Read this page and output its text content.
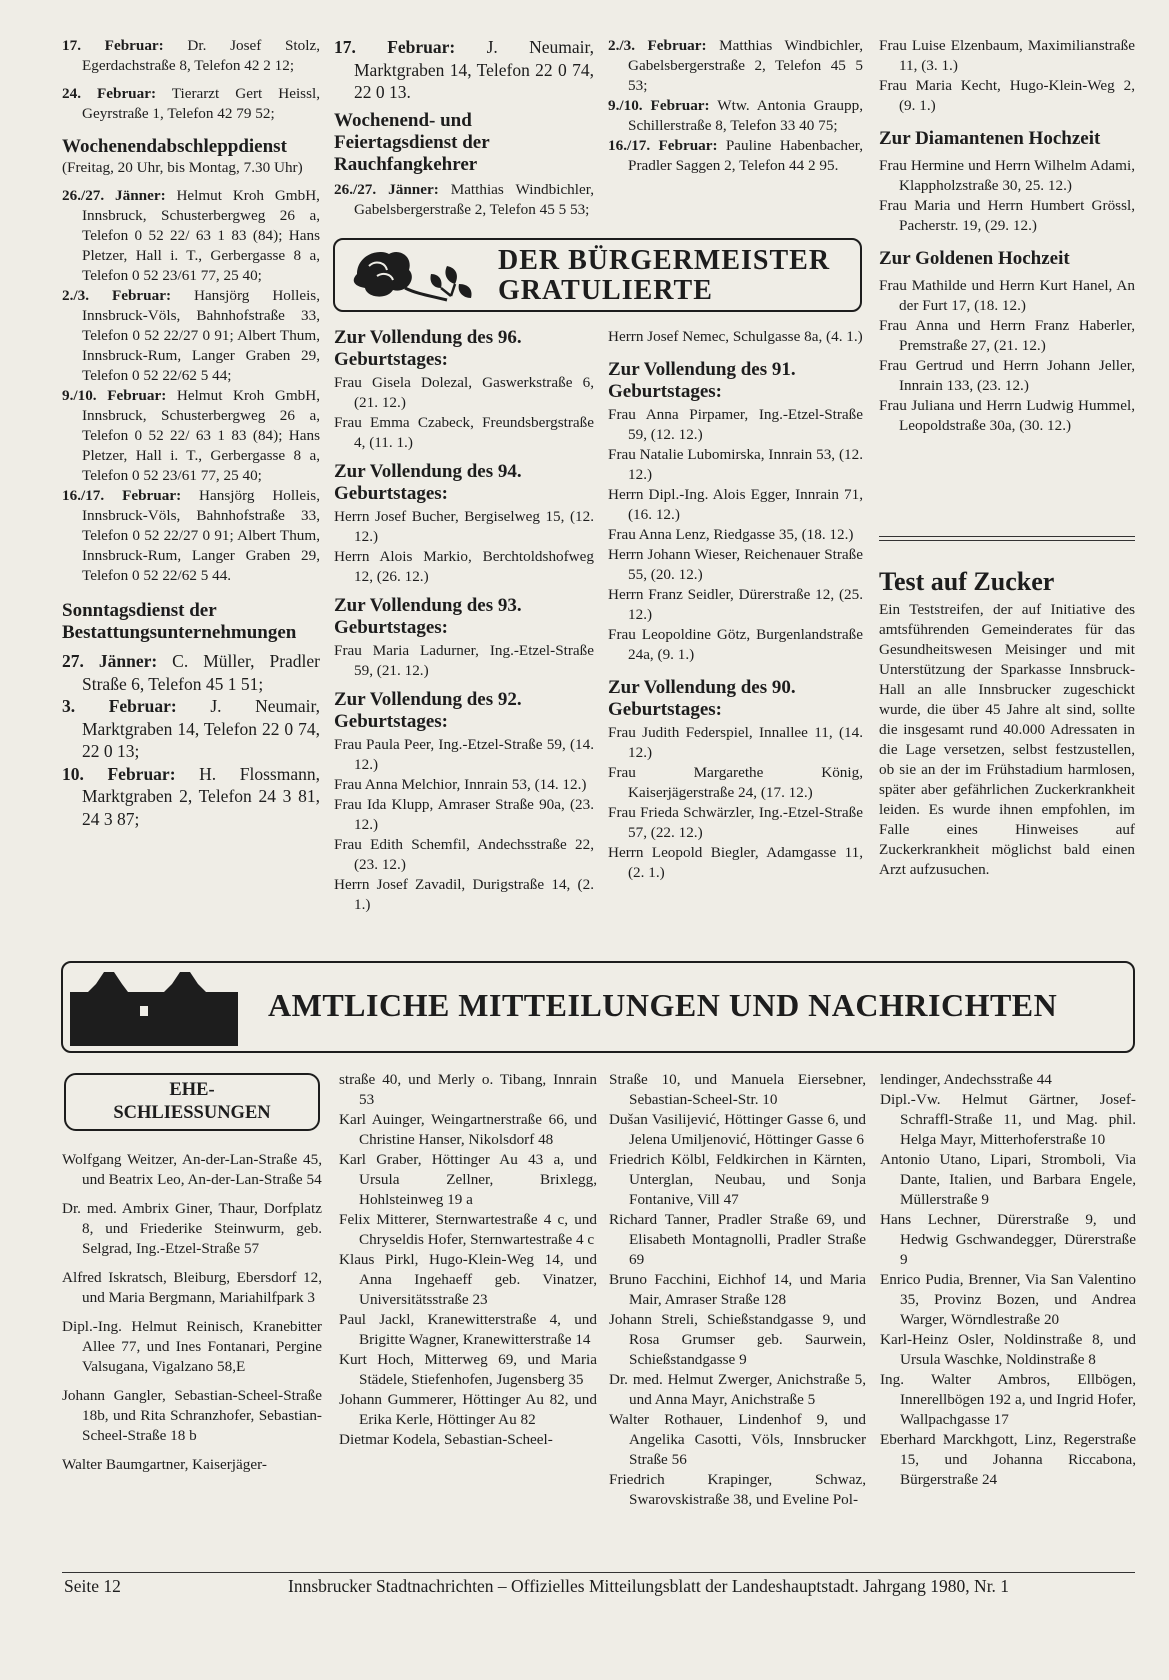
17. Februar: Dr. Josef Stolz, Egerdachstraße 8, Telefon 42 2 12;

24. Februar: Tierarzt Gert Heissl, Geyrstraße 1, Telefon 42 79 52;

Wochenendabschleppdienst

(Freitag, 20 Uhr, bis Montag, 7.30 Uhr)

26./27. Jänner: Helmut Kroh GmbH, Innsbruck, Schusterbergweg 26 a, Telefon 0 52 22/ 63 1 83 (84); Hans Pletzer, Hall i. T., Gerbergasse 8 a, Telefon 0 52 23/61 77, 25 40;

2./3. Februar: Hansjörg Holleis, Innsbruck-Völs, Bahnhofstraße 33, Telefon 0 52 22/27 0 91; Albert Thum, Innsbruck-Rum, Langer Graben 29, Telefon 0 52 22/62 5 44;

9./10. Februar: Helmut Kroh GmbH, Innsbruck, Schusterbergweg 26 a, Telefon 0 52 22/ 63 1 83 (84); Hans Pletzer, Hall i. T., Gerbergasse 8 a, Telefon 0 52 23/61 77, 25 40;

16./17. Februar: Hansjörg Holleis, Innsbruck-Völs, Bahnhofstraße 33, Telefon 0 52 22/27 0 91; Albert Thum, Innsbruck-Rum, Langer Graben 29, Telefon 0 52 22/62 5 44.

Sonntagsdienst der Bestattungsunternehmungen

27. Jänner: C. Müller, Pradler Straße 6, Telefon 45 1 51;

3. Februar: J. Neumair, Marktgraben 14, Telefon 22 0 74, 22 0 13;

10. Februar: H. Flossmann, Marktgraben 2, Telefon 24 3 81, 24 3 87;

17. Februar: J. Neumair, Marktgraben 14, Telefon 22 0 74, 22 0 13.

Wochenend- und Feiertagsdienst der Rauchfangkehrer

26./27. Jänner: Matthias Windbichler, Gabelsbergerstraße 2, Telefon 45 5 53;

2./3. Februar: Matthias Windbichler, Gabelsbergerstraße 2, Telefon 45 5 53;

9./10. Februar: Wtw. Antonia Graupp, Schillerstraße 8, Telefon 33 40 75;

16./17. Februar: Pauline Habenbacher, Pradler Saggen 2, Telefon 44 2 95.

Frau Luise Elzenbaum, Maximilianstraße 11, (3. 1.)

Frau Maria Kecht, Hugo-Klein-Weg 2, (9. 1.)

Zur Diamantenen Hochzeit

Frau Hermine und Herrn Wilhelm Adami, Klappholzstraße 30, 25. 12.)

Frau Maria und Herrn Humbert Grössl, Pacherstr. 19, (29. 12.)

Zur Goldenen Hochzeit

Frau Mathilde und Herrn Kurt Hanel, An der Furt 17, (18. 12.)

Frau Anna und Herrn Franz Haberler, Premstraße 27, (21. 12.)

Frau Gertrud und Herrn Johann Jeller, Innrain 133, (23. 12.)

Frau Juliana und Herrn Ludwig Hummel, Leopoldstraße 30a, (30. 12.)

Test auf Zucker

Ein Teststreifen, der auf Initiative des amtsführenden Gemeinderates für das Gesundheitswesen Meisinger und mit Unterstützung der Sparkasse Innsbruck-Hall an alle Innsbrucker zugeschickt wurde, die über 45 Jahre alt sind, sollte die insgesamt rund 40.000 Adressaten in die Lage versetzen, selbst festzustellen, ob sie an der im Frühstadium harmlosen, später aber gefährlichen Zuckerkrankheit leiden. Es wurde ihnen empfohlen, im Falle eines Hinweises auf Zuckerkrankheit möglichst bald einen Arzt aufzusuchen.

DER BÜRGERMEISTER
GRATULIERTE
Zur Vollendung des 96. Geburtstages:

Frau Gisela Dolezal, Gaswerkstraße 6, (21. 12.)

Frau Emma Czabeck, Freundsbergstraße 4, (11. 1.)

Zur Vollendung des 94. Geburtstages:

Herrn Josef Bucher, Bergiselweg 15, (12. 12.)

Herrn Alois Markio, Berchtoldshofweg 12, (26. 12.)

Zur Vollendung des 93. Geburtstages:

Frau Maria Ladurner, Ing.-Etzel-Straße 59, (21. 12.)

Zur Vollendung des 92. Geburtstages:

Frau Paula Peer, Ing.-Etzel-Straße 59, (14. 12.)

Frau Anna Melchior, Innrain 53, (14. 12.)

Frau Ida Klupp, Amraser Straße 90a, (23. 12.)

Frau Edith Schemfil, Andechsstraße 22, (23. 12.)

Herrn Josef Zavadil, Durigstraße 14, (2. 1.)

Herrn Josef Nemec, Schulgasse 8a, (4. 1.)

Zur Vollendung des 91. Geburtstages:

Frau Anna Pirpamer, Ing.-Etzel-Straße 59, (12. 12.)

Frau Natalie Lubomirska, Innrain 53, (12. 12.)

Herrn Dipl.-Ing. Alois Egger, Innrain 71, (16. 12.)

Frau Anna Lenz, Riedgasse 35, (18. 12.)

Herrn Johann Wieser, Reichenauer Straße 55, (20. 12.)

Herrn Franz Seidler, Dürerstraße 12, (25. 12.)

Frau Leopoldine Götz, Burgenlandstraße 24a, (9. 1.)

Zur Vollendung des 90. Geburtstages:

Frau Judith Federspiel, Innallee 11, (14. 12.)

Frau Margarethe König, Kaiserjägerstraße 24, (17. 12.)

Frau Frieda Schwärzler, Ing.-Etzel-Straße 57, (22. 12.)

Herrn Leopold Biegler, Adamgasse 11, (2. 1.)

AMTLICHE MITTEILUNGEN UND NACHRICHTEN
EHE-
SCHLIESSUNGEN

Wolfgang Weitzer, An-der-Lan-Straße 45, und Beatrix Leo, An-der-Lan-Straße 54

Dr. med. Ambrix Giner, Thaur, Dorfplatz 8, und Friederike Steinwurm, geb. Selgrad, Ing.-Etzel-Straße 57

Alfred Iskratsch, Bleiburg, Ebersdorf 12, und Maria Bergmann, Mariahilfpark 3

Dipl.-Ing. Helmut Reinisch, Kranebitter Allee 77, und Ines Fontanari, Pergine Valsugana, Vigalzano 58,E

Johann Gangler, Sebastian-Scheel-Straße 18b, und Rita Schranzhofer, Sebastian-Scheel-Straße 18 b

Walter Baumgartner, Kaiserjäger-

straße 40, und Merly o. Tibang, Innrain 53

Karl Auinger, Weingartnerstraße 66, und Christine Hanser, Nikolsdorf 48

Karl Graber, Höttinger Au 43 a, und Ursula Zellner, Brixlegg, Hohlsteinweg 19 a

Felix Mitterer, Sternwartestraße 4 c, und Chryseldis Hofer, Sternwartestraße 4 c

Klaus Pirkl, Hugo-Klein-Weg 14, und Anna Ingehaeff geb. Vinatzer, Universitätsstraße 23

Paul Jackl, Kranewitterstraße 4, und Brigitte Wagner, Kranewitterstraße 14

Kurt Hoch, Mitterweg 69, und Maria Städele, Stiefenhofen, Jugensberg 35

Johann Gummerer, Höttinger Au 82, und Erika Kerle, Höttinger Au 82

Dietmar Kodela, Sebastian-Scheel-

Straße 10, und Manuela Eiersebner, Sebastian-Scheel-Str. 10

Dušan Vasilijević, Höttinger Gasse 6, und Jelena Umiljenović, Höttinger Gasse 6

Friedrich Kölbl, Feldkirchen in Kärnten, Unterglan, Neubau, und Sonja Fontanive, Vill 47

Richard Tanner, Pradler Straße 69, und Elisabeth Montagnolli, Pradler Straße 69

Bruno Facchini, Eichhof 14, und Maria Mair, Amraser Straße 128

Johann Streli, Schießstandgasse 9, und Rosa Grumser geb. Saurwein, Schießstandgasse 9

Dr. med. Helmut Zwerger, Anichstraße 5, und Anna Mayr, Anichstraße 5

Walter Rothauer, Lindenhof 9, und Angelika Casotti, Völs, Innsbrucker Straße 56

Friedrich Krapinger, Schwaz, Swarovskistraße 38, und Eveline Pol-

lendinger, Andechsstraße 44

Dipl.-Vw. Helmut Gärtner, Josef-Schraffl-Straße 11, und Mag. phil. Helga Mayr, Mitterhoferstraße 10

Antonio Utano, Lipari, Stromboli, Via Dante, Italien, und Barbara Engele, Müllerstraße 9

Hans Lechner, Dürerstraße 9, und Hedwig Gschwandegger, Dürerstraße 9

Enrico Pudia, Brenner, Via San Valentino 35, Provinz Bozen, und Andrea Warger, Wörndlestraße 20

Karl-Heinz Osler, Noldinstraße 8, und Ursula Waschke, Noldinstraße 8

Ing. Walter Ambros, Ellbögen, Innerellbögen 192 a, und Ingrid Hofer, Wallpachgasse 17

Eberhard Marckhgott, Linz, Regerstraße 15, und Johanna Riccabona, Bürgerstraße 24

Seite 12	Innsbrucker Stadtnachrichten – Offizielles Mitteilungsblatt der Landeshauptstadt. Jahrgang 1980, Nr. 1
